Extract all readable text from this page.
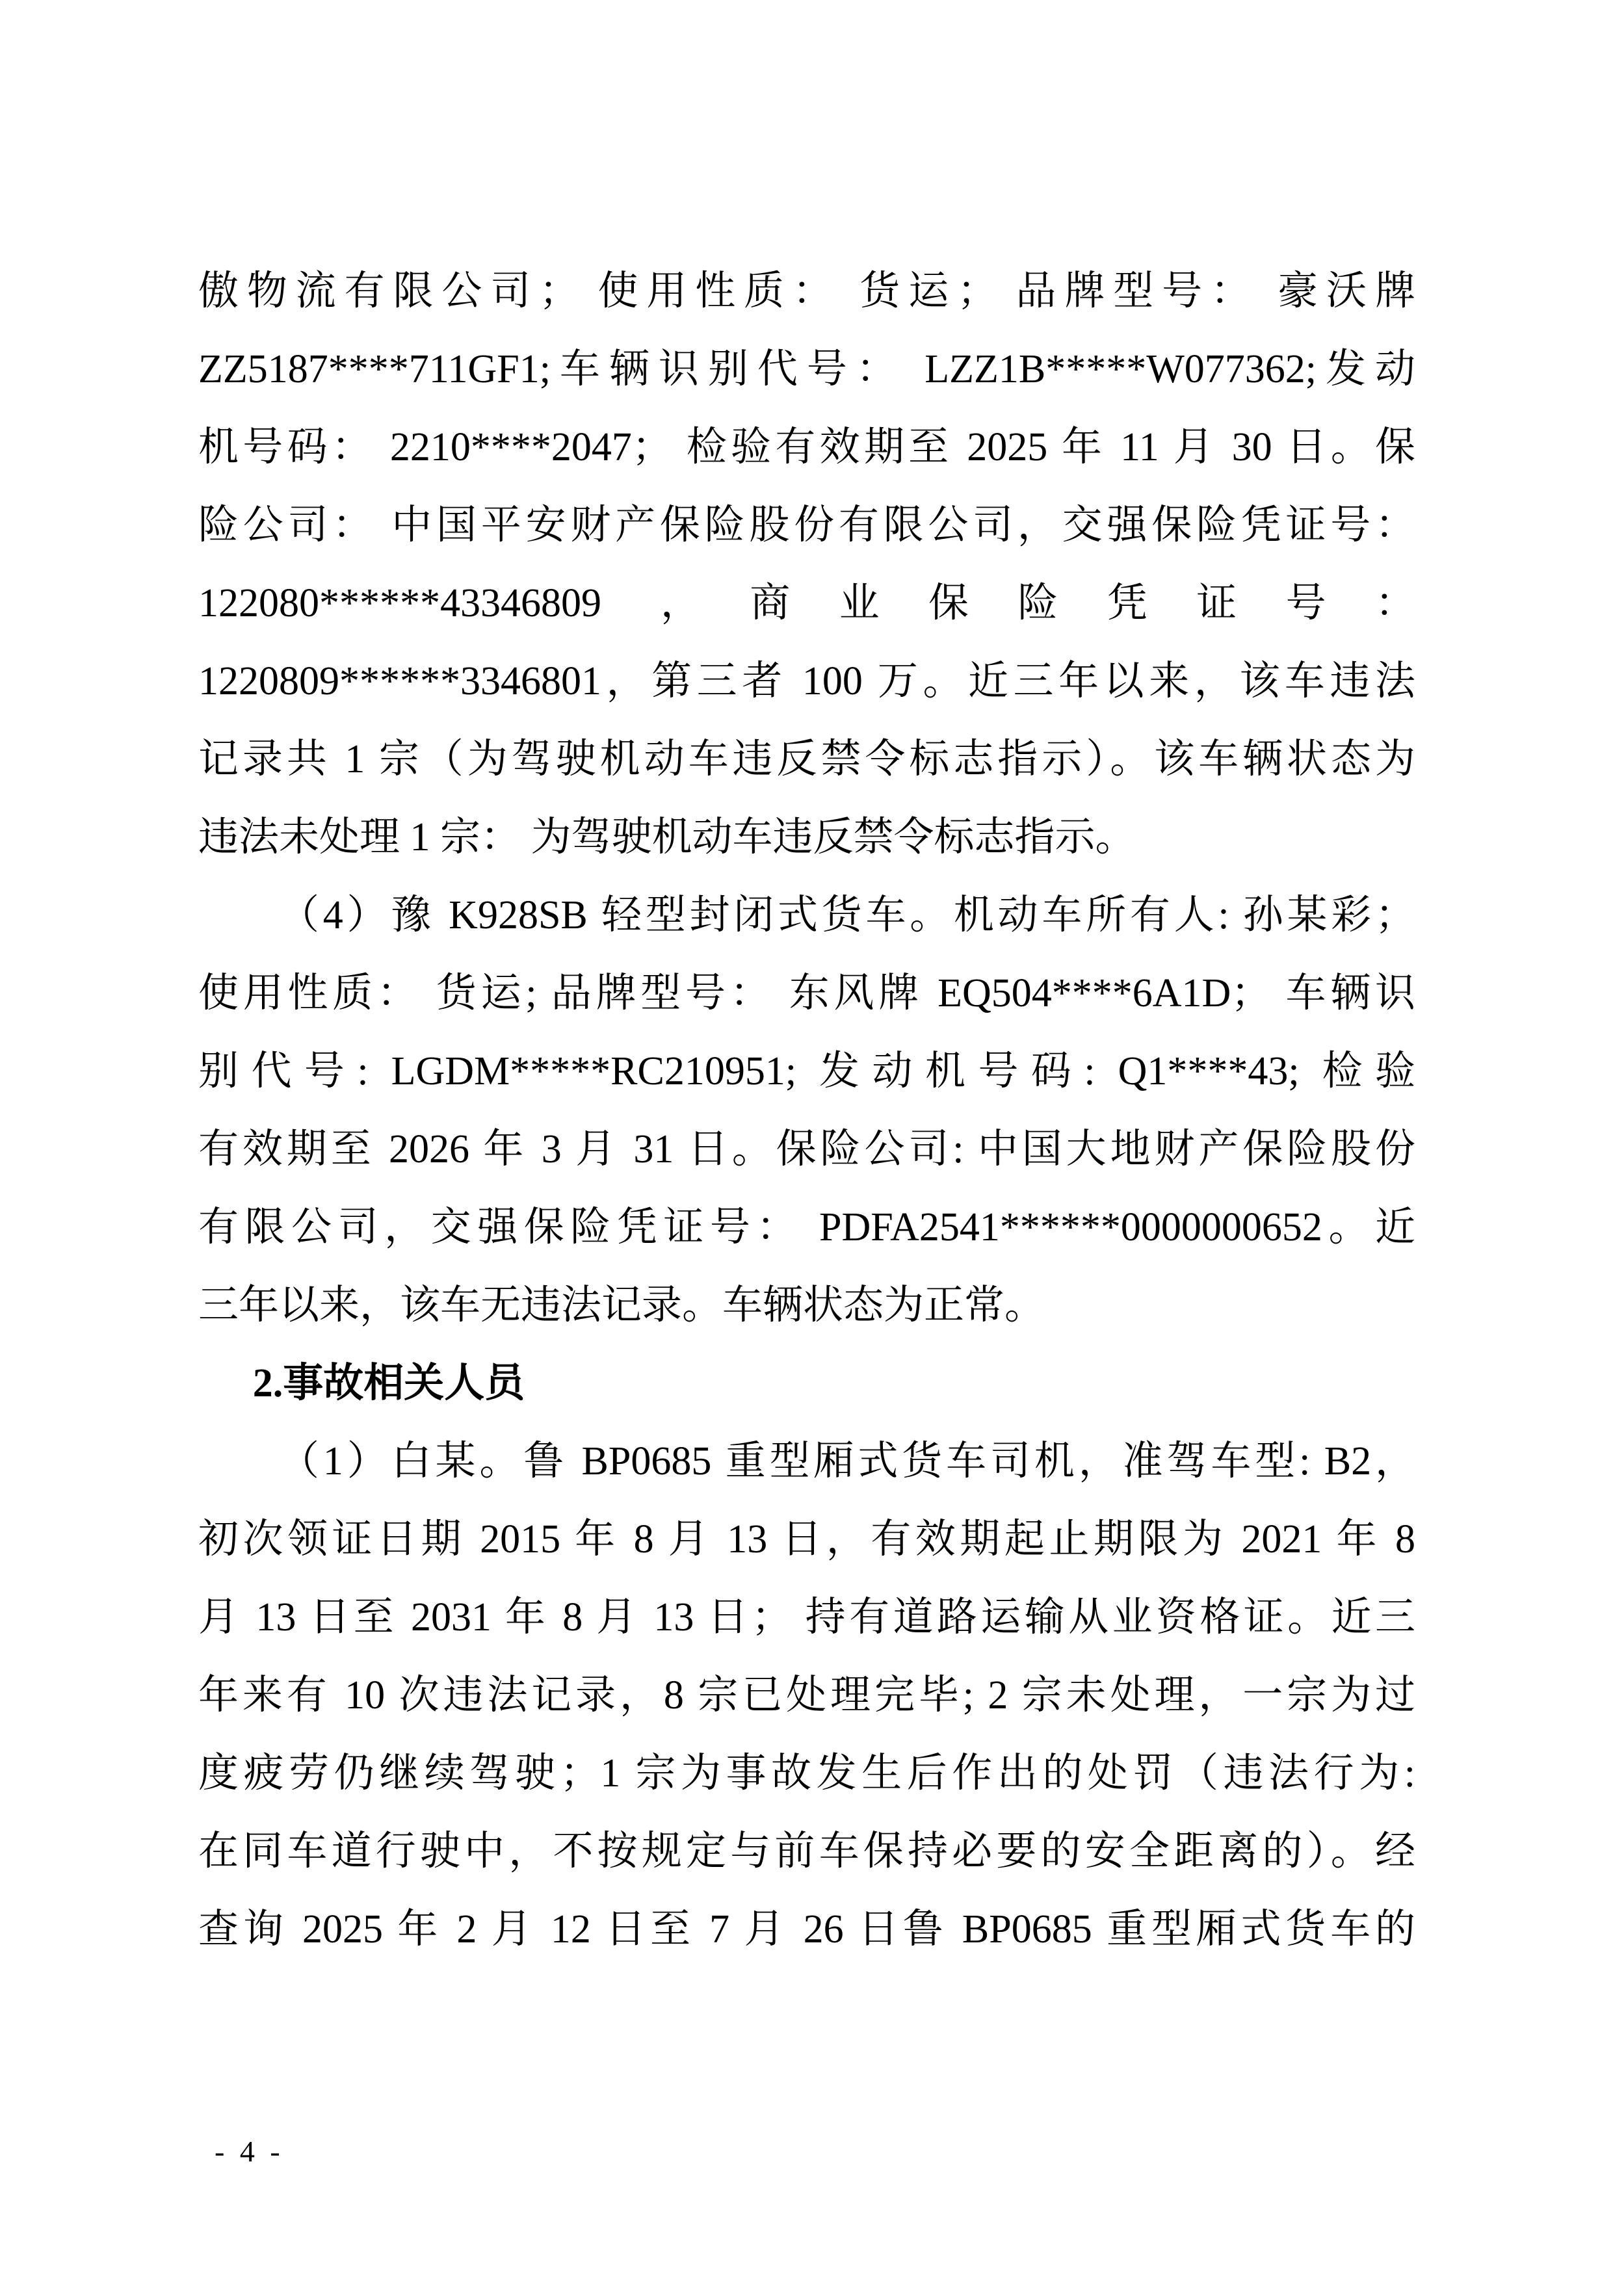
傲物流有限公司； 使用性质： 货运； 品牌型号： 豪沃牌
ZZ5187****711GF1;车辆识别代号： LZZ1B*****W077362;发动
机号码： 2210****2047； 检验有效期至 2025 年 11 月 30 日。保
险公司： 中国平安财产保险股份有限公司，交强保险凭证号：
122080******43346809 ，商业保险凭证号：
1220809******3346801，第三者 100 万。近三年以来，该车违法
记录共 1 宗（为驾驶机动车违反禁令标志指示）。该车辆状态为
违法未处理 1 宗： 为驾驶机动车违反禁令标志指示。
（4）豫 K928SB 轻型封闭式货车。机动车所有人: 孙某彩；
使用性质： 货运; 品牌型号： 东风牌 EQ504****6A1D； 车辆识
别代号: LGDM*****RC210951; 发动机号码: Q1****43; 检验
有效期至 2026 年 3 月 31 日。保险公司: 中国大地财产保险股份
有限公司，交强保险凭证号： PDFA2541******0000000652。近
三年以来，该车无违法记录。车辆状态为正常。
2.事故相关人员
（1）白某。鲁 BP0685 重型厢式货车司机，准驾车型: B2，
初次领证日期 2015 年 8 月 13 日，有效期起止期限为 2021 年 8
月 13 日至 2031 年 8 月 13 日； 持有道路运输从业资格证。近三
年来有 10 次违法记录，8 宗已处理完毕; 2 宗未处理，一宗为过
度疲劳仍继续驾驶；1 宗为事故发生后作出的处罚（违法行为:
在同车道行驶中，不按规定与前车保持必要的安全距离的）。经
查询 2025 年 2 月 12 日至 7 月 26 日鲁 BP0685 重型厢式货车的
- 4 -
